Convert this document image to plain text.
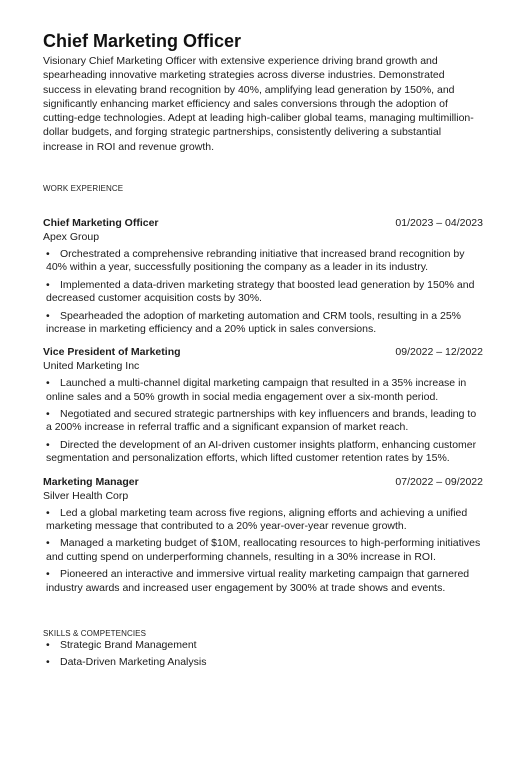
Chief Marketing Officer

Visionary Chief Marketing Officer with extensive experience driving brand growth and spearheading innovative marketing strategies across diverse industries. Demonstrated success in elevating brand recognition by 40%, amplifying lead generation by 150%, and significantly enhancing market efficiency and sales conversions through the adoption of cutting-edge technologies. Adept at leading high-caliber global teams, managing multimillion-dollar budgets, and forging strategic partnerships, consistently delivering a substantial increase in ROI and revenue growth.

WORK EXPERIENCE
Chief Marketing Officer	01/2023 – 04/2023
Apex Group
• Orchestrated a comprehensive rebranding initiative that increased brand recognition by 40% within a year, successfully positioning the company as a leader in its industry.
• Implemented a data-driven marketing strategy that boosted lead generation by 150% and decreased customer acquisition costs by 30%.
• Spearheaded the adoption of marketing automation and CRM tools, resulting in a 25% increase in marketing efficiency and a 20% uptick in sales conversions.
Vice President of Marketing	09/2022 – 12/2022
United Marketing Inc
• Launched a multi-channel digital marketing campaign that resulted in a 35% increase in online sales and a 50% growth in social media engagement over a six-month period.
• Negotiated and secured strategic partnerships with key influencers and brands, leading to a 200% increase in referral traffic and a significant expansion of market reach.
• Directed the development of an AI-driven customer insights platform, enhancing customer segmentation and personalization efforts, which lifted customer retention rates by 15%.
Marketing Manager	07/2022 – 09/2022
Silver Health Corp
• Led a global marketing team across five regions, aligning efforts and achieving a unified marketing message that contributed to a 20% year-over-year revenue growth.
• Managed a marketing budget of $10M, reallocating resources to high-performing initiatives and cutting spend on underperforming channels, resulting in a 30% increase in ROI.
• Pioneered an interactive and immersive virtual reality marketing campaign that garnered industry awards and increased user engagement by 300% at trade shows and events.
SKILLS & COMPETENCIES
• Strategic Brand Management
• Data-Driven Marketing Analysis
